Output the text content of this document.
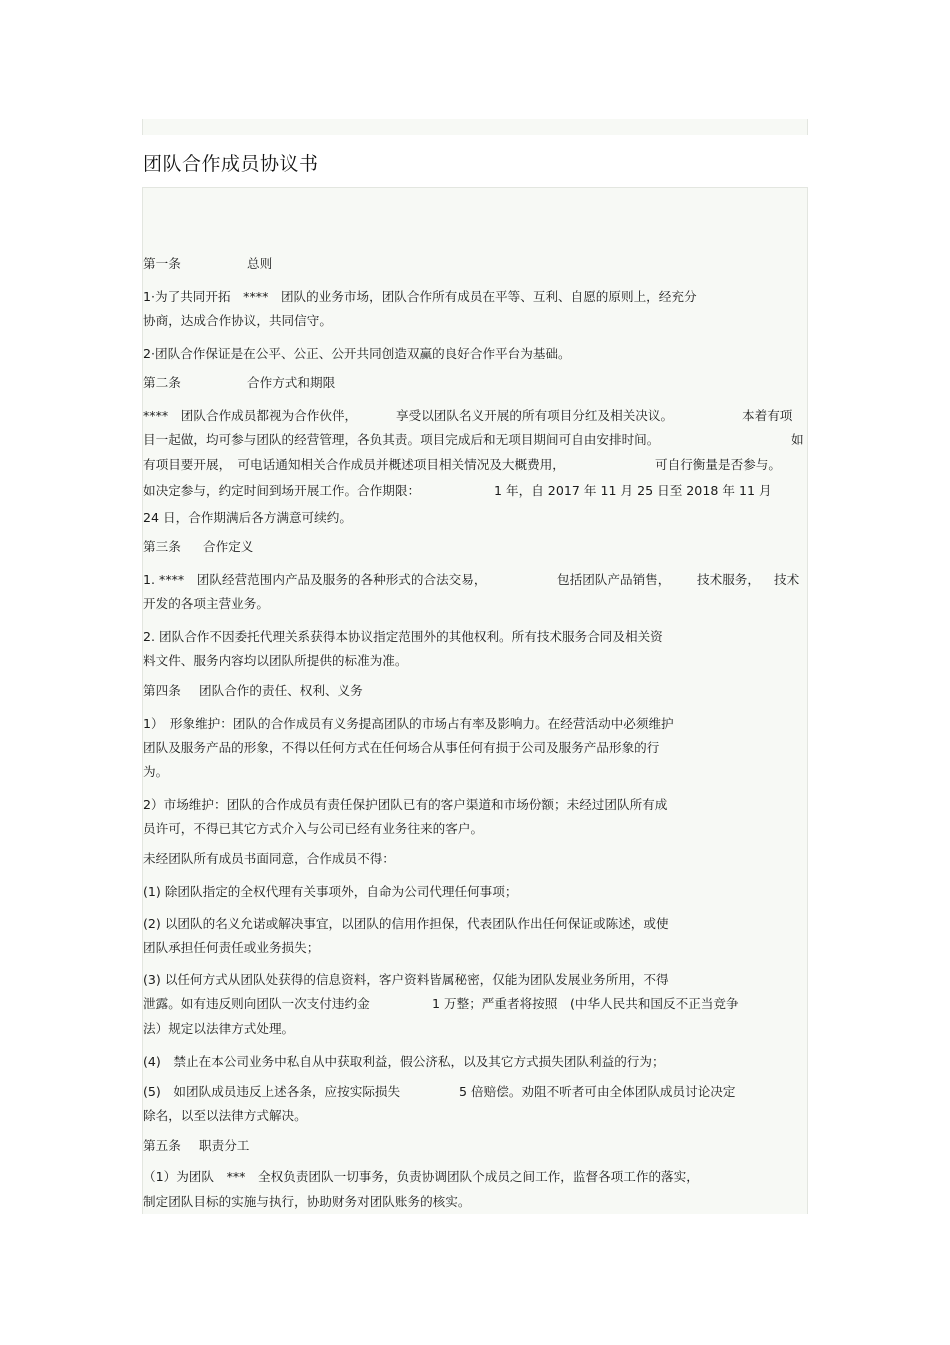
团队合作成员协议书
第一条	总则
1·为了共同开拓　****　团队的业务市场，团队合作所有成员在平等、互利、自愿的原则上，经充分
协商，达成合作协议，共同信守。
2·团队合作保证是在公平、公正、公开共同创造双赢的良好合作平台为基础。
第二条	合作方式和期限
****　团队合作成员都视为合作伙伴，	享受以团队名义开展的所有项目分红及相关决议。	本着有项
目一起做，均可参与团队的经营管理，各负其责。项目完成后和无项目期间可自由安排时间。	如
有项目要开展，　可电话通知相关合作成员并概述项目相关情况及大概费用，	可自行衡量是否参与。
如决定参与，约定时间到场开展工作。合作期限：	1 年，自 2017 年 11 月 25 日至 2018 年 11 月
24 日，合作期满后各方满意可续约。
第三条 合作定义
1. ****　团队经营范围内产品及服务的各种形式的合法交易，	包括团队产品销售， 技术服务， 技术
开发的各项主营业务。
2. 团队合作不因委托代理关系获得本协议指定范围外的其他权利。所有技术服务合同及相关资
料文件、服务内容均以团队所提供的标准为准。
第四条 团队合作的责任、权利、义务
1）　形象维护：团队的合作成员有义务提高团队的市场占有率及影响力。在经营活动中必须维护
团队及服务产品的形象，不得以任何方式在任何场合从事任何有损于公司及服务产品形象的行
为。
2）市场维护：团队的合作成员有责任保护团队已有的客户渠道和市场份额；未经过团队所有成
员许可，不得已其它方式介入与公司已经有业务往来的客户。
未经团队所有成员书面同意，合作成员不得：
(1) 除团队指定的全权代理有关事项外，自命为公司代理任何事项；
(2) 以团队的名义允诺或解决事宜，以团队的信用作担保，代表团队作出任何保证或陈述，或使
团队承担任何责任或业务损失；
(3) 以任何方式从团队处获得的信息资料，客户资料皆属秘密，仅能为团队发展业务所用，不得
泄露。如有违反则向团队一次支付违约金	1 万整；严重者将按照　(中华人民共和国反不正当竞争
法）规定以法律方式处理。
(4)　禁止在本公司业务中私自从中获取利益，假公济私，以及其它方式损失团队利益的行为；
(5)　如团队成员违反上述各条，应按实际损失	5 倍赔偿。劝阻不听者可由全体团队成员讨论决定
除名，以至以法律方式解决。
第五条 职责分工
（1）为团队　***　全权负责团队一切事务，负责协调团队个成员之间工作，监督各项工作的落实，
制定团队目标的实施与执行，协助财务对团队账务的核实。
